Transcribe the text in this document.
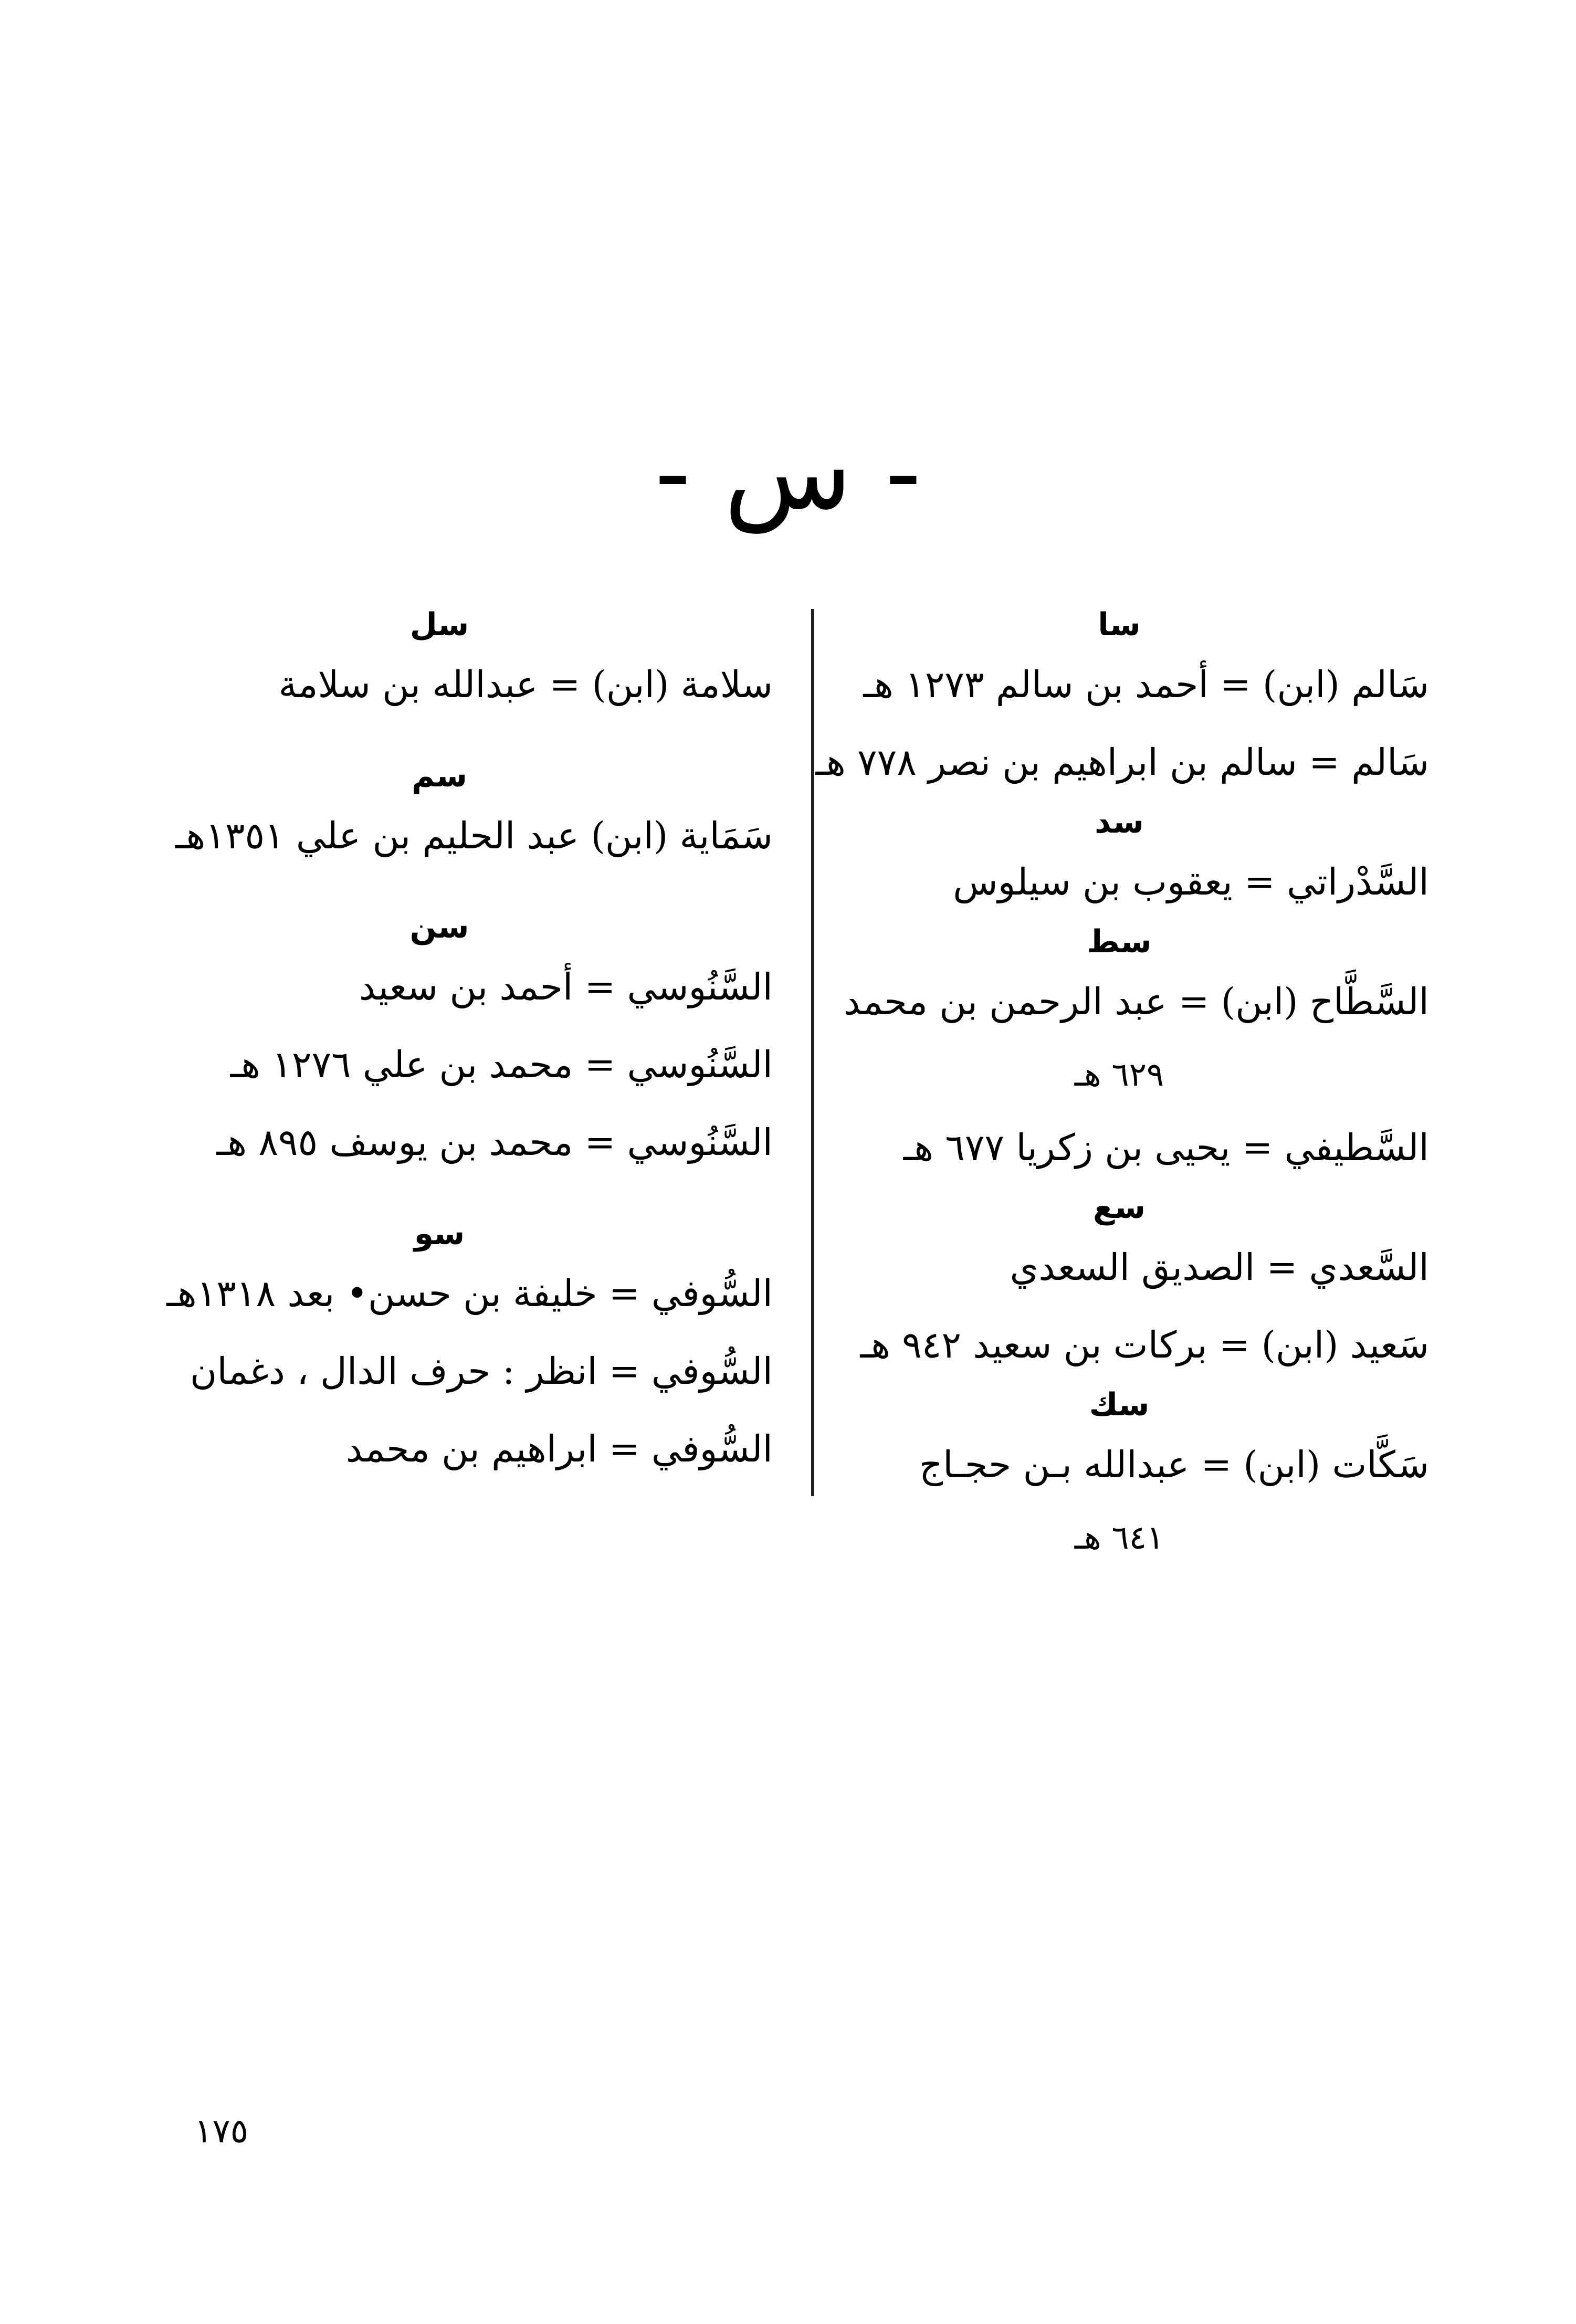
- س -
سا
سَالم (ابن) = أحمد بن سالم ١٢٧٣ هـ
سَالم = سالم بن ابراهيم بن نصر ٧٧٨ هـ
سد
السَّدْراتي = يعقوب بن سيلوس
سط
السَّطَّاح (ابن) = عبد الرحمن بن محمد
٦٢٩ هـ
السَّطيفي = يحيى بن زكريا ٦٧٧ هـ
سع
السَّعدي = الصديق السعدي
سَعيد (ابن) = بركات بن سعيد ٩٤٢ هـ
سك
سَكَّات (ابن) = عبدالله بـن حجـاج
٦٤١ هـ
سل
سلامة (ابن) = عبدالله بن سلامة
سم
سَمَاية (ابن) عبد الحليم بن علي ١٣٥١هـ
سن
السَّنُوسي = أحمد بن سعيد
السَّنُوسي = محمد بن علي ١٢٧٦ هـ
السَّنُوسي = محمد بن يوسف ٨٩٥ هـ
سو
السُّوفي = خليفة بن حسن• بعد ١٣١٨هـ
السُّوفي = انظر : حرف الدال ، دغمان
السُّوفي = ابراهيم بن محمد
١٧٥
